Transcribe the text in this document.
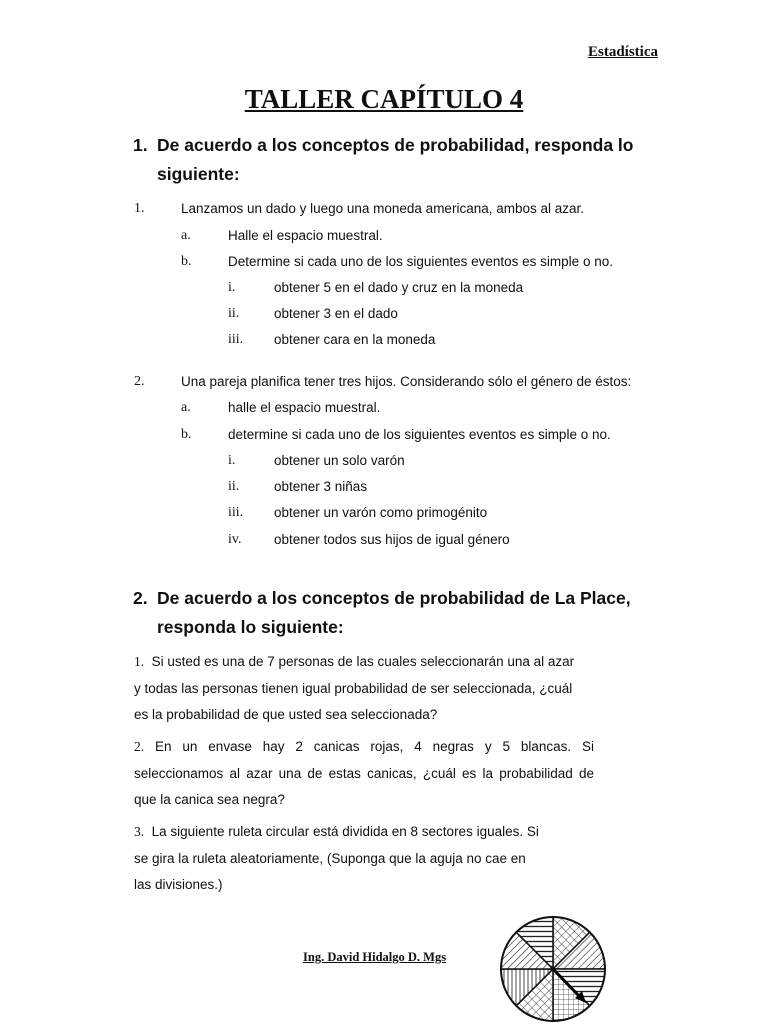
Estadística
TALLER CAPÍTULO 4
1. De acuerdo a los conceptos de probabilidad, responda lo siguiente:
1.	Lanzamos un dado y luego una moneda americana, ambos al azar.
a.	Halle el espacio muestral.
b.	Determine si cada uno de los siguientes eventos es simple o no.
i.	obtener 5 en el dado y cruz en la moneda
ii.	obtener 3 en el dado
iii. obtener cara en la moneda
2.	Una pareja planifica tener tres hijos. Considerando sólo el género de éstos:
a.	halle el espacio muestral.
b.	determine si cada uno de los siguientes eventos es simple o no.
i.	obtener un solo varón
ii.	obtener 3 niñas
iii. obtener un varón como primogénito
iv. obtener todos sus hijos de igual género
2. De acuerdo a los conceptos de probabilidad de La Place, responda lo siguiente:
1. Si usted es una de 7 personas de las cuales seleccionarán una al azar
y todas las personas tienen igual probabilidad de ser seleccionada, ¿cuál
es la probabilidad de que usted sea seleccionada?
2. En un envase hay 2 canicas rojas, 4 negras y 5 blancas. Si
seleccionamos al azar una de estas canicas, ¿cuál es la probabilidad de
que la canica sea negra?
3. La siguiente ruleta circular está dividida en 8 sectores iguales. Si
se gira la ruleta aleatoriamente, (Suponga que la aguja no cae en
las divisiones.)
Ing. David Hidalgo D. Mgs
